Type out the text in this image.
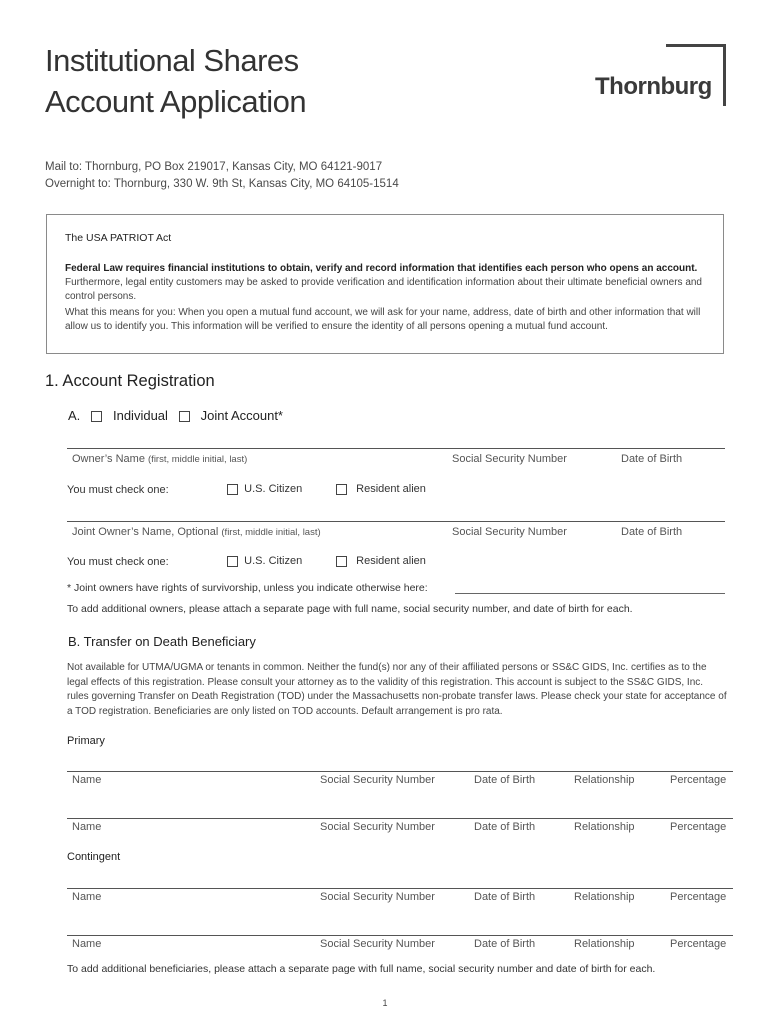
Institutional Shares
Account Application	Thornburg
Mail to: Thornburg, PO Box 219017, Kansas City, MO 64121-9017
Overnight to: Thornburg, 330 W. 9th St, Kansas City, MO 64105-1514
The USA PATRIOT Act
Federal Law requires financial institutions to obtain, verify and record information that identifies each person who opens an account. Furthermore, legal entity customers may be asked to provide verification and identification information about their ultimate beneficial owners and control persons.
What this means for you: When you open a mutual fund account, we will ask for your name, address, date of birth and other information that will allow us to identify you. This information will be verified to ensure the identity of all persons opening a mutual fund account.
1. Account Registration
A.	Individual	Joint Account*
Owner’s Name (first, middle initial, last)	Social Security Number	Date of Birth
You must check one:	U.S. Citizen	Resident alien
Joint Owner’s Name, Optional (first, middle initial, last)	Social Security Number	Date of Birth
You must check one:	U.S. Citizen	Resident alien
* Joint owners have rights of survivorship, unless you indicate otherwise here:
To add additional owners, please attach a separate page with full name, social security number, and date of birth for each.
B. Transfer on Death Beneficiary
Not available for UTMA/UGMA or tenants in common. Neither the fund(s) nor any of their affiliated persons or SS&C GIDS, Inc. certifies as to the legal effects of this registration. Please consult your attorney as to the validity of this registration. This account is subject to the SS&C GIDS, Inc. rules governing Transfer on Death Registration (TOD) under the Massachusetts non-probate transfer laws. Please check your state for acceptance of a TOD registration. Beneficiaries are only listed on TOD accounts. Default arrangement is pro rata.
Primary
Name	Social Security Number	Date of Birth	Relationship	Percentage
Name	Social Security Number	Date of Birth	Relationship	Percentage
Contingent
Name	Social Security Number	Date of Birth	Relationship	Percentage
Name	Social Security Number	Date of Birth	Relationship	Percentage
To add additional beneficiaries, please attach a separate page with full name, social security number and date of birth for each.
1
